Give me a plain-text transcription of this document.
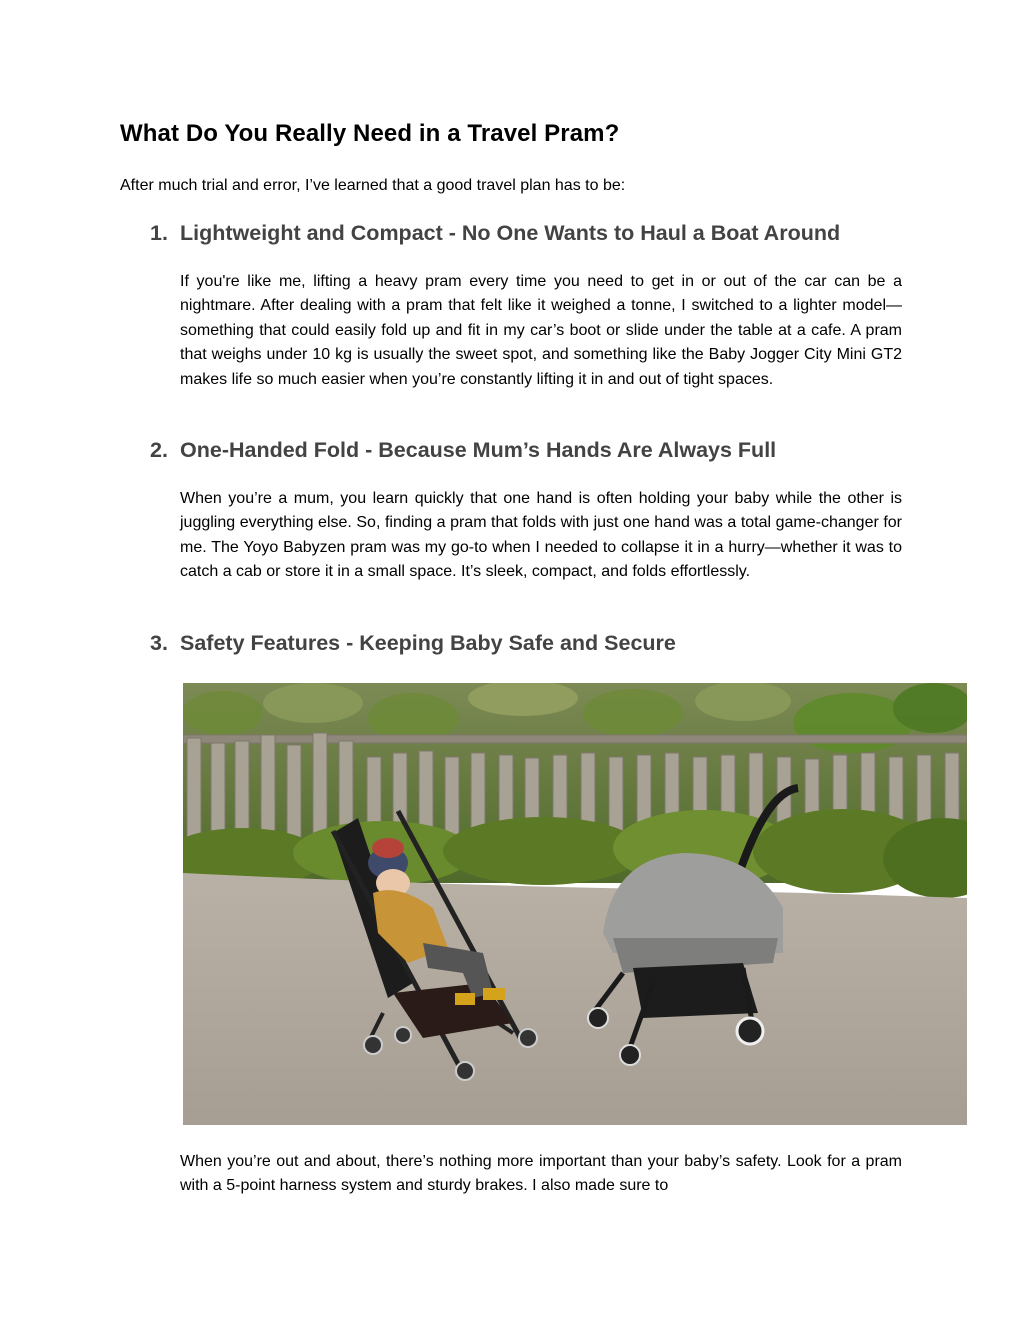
What Do You Really Need in a Travel Pram?

After much trial and error, I’ve learned that a good travel plan has to be:

1. Lightweight and Compact - No One Wants to Haul a Boat Around

If you're like me, lifting a heavy pram every time you need to get in or out of the car can be a nightmare. After dealing with a pram that felt like it weighed a tonne, I switched to a lighter model—something that could easily fold up and fit in my car’s boot or slide under the table at a cafe. A pram that weighs under 10 kg is usually the sweet spot, and something like the Baby Jogger City Mini GT2 makes life so much easier when you’re constantly lifting it in and out of tight spaces.

2. One-Handed Fold - Because Mum’s Hands Are Always Full

When you’re a mum, you learn quickly that one hand is often holding your baby while the other is juggling everything else. So, finding a pram that folds with just one hand was a total game-changer for me. The Yoyo Babyzen pram was my go-to when I needed to collapse it in a hurry—whether it was to catch a cab or store it in a small space. It’s sleek, compact, and folds effortlessly.

3. Safety Features - Keeping Baby Safe and Secure

When you’re out and about, there’s nothing more important than your baby’s safety. Look for a pram with a 5-point harness system and sturdy brakes. I also made sure to
